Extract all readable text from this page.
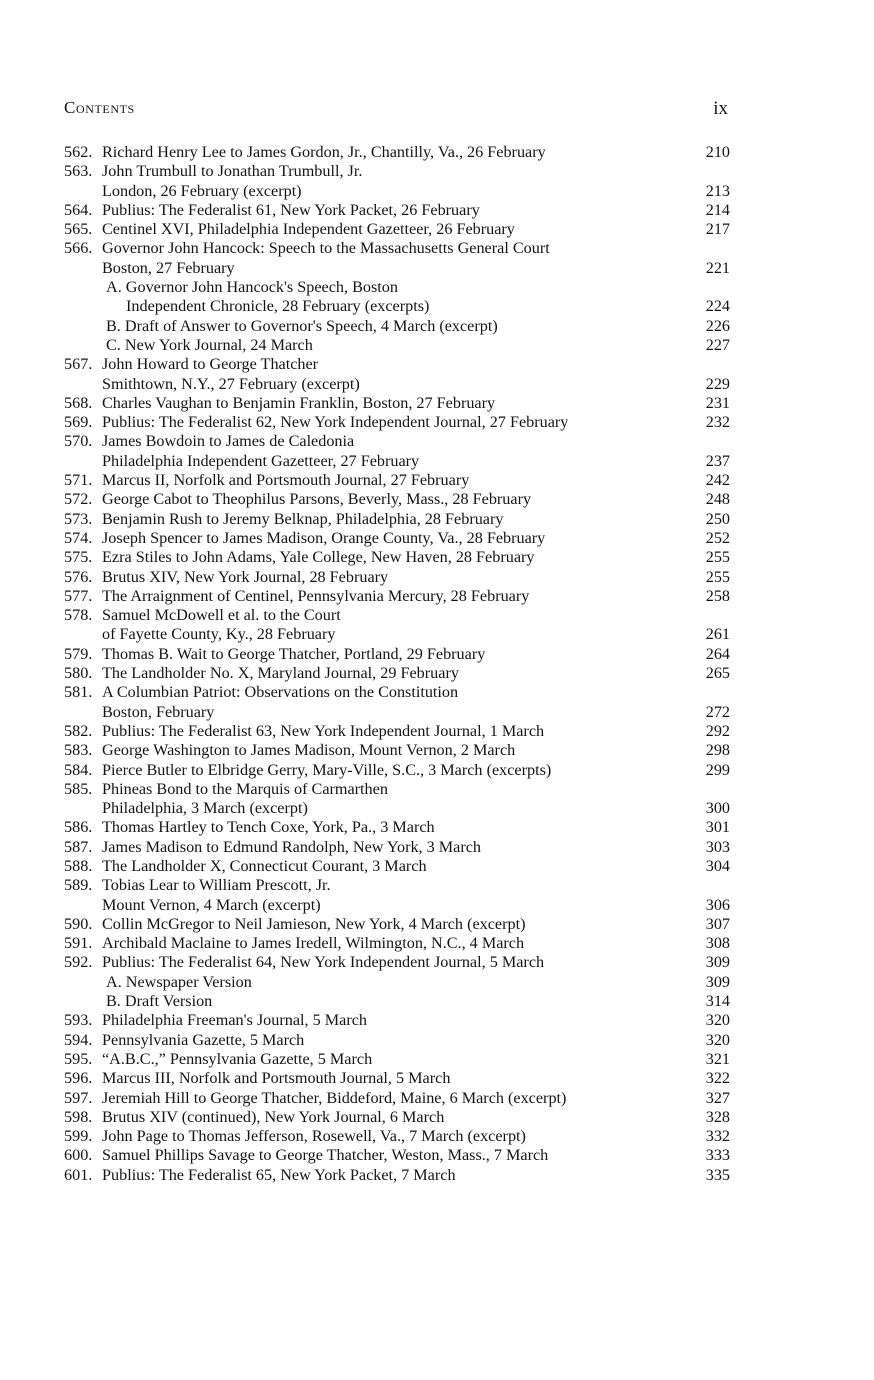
Contents	ix
562. Richard Henry Lee to James Gordon, Jr., Chantilly, Va., 26 February	210
563. John Trumbull to Jonathan Trumbull, Jr.
London, 26 February (excerpt)	213
564. Publius: The Federalist 61, New York Packet, 26 February	214
565. Centinel XVI, Philadelphia Independent Gazetteer, 26 February	217
566. Governor John Hancock: Speech to the Massachusetts General Court
Boston, 27 February	221
A. Governor John Hancock's Speech, Boston
Independent Chronicle, 28 February (excerpts)	224
B. Draft of Answer to Governor's Speech, 4 March (excerpt)	226
C. New York Journal, 24 March	227
567. John Howard to George Thatcher
Smithtown, N.Y., 27 February (excerpt)	229
568. Charles Vaughan to Benjamin Franklin, Boston, 27 February	231
569. Publius: The Federalist 62, New York Independent Journal, 27 February	232
570. James Bowdoin to James de Caledonia
Philadelphia Independent Gazetteer, 27 February	237
571. Marcus II, Norfolk and Portsmouth Journal, 27 February	242
572. George Cabot to Theophilus Parsons, Beverly, Mass., 28 February	248
573. Benjamin Rush to Jeremy Belknap, Philadelphia, 28 February	250
574. Joseph Spencer to James Madison, Orange County, Va., 28 February	252
575. Ezra Stiles to John Adams, Yale College, New Haven, 28 February	255
576. Brutus XIV, New York Journal, 28 February	255
577. The Arraignment of Centinel, Pennsylvania Mercury, 28 February	258
578. Samuel McDowell et al. to the Court
of Fayette County, Ky., 28 February	261
579. Thomas B. Wait to George Thatcher, Portland, 29 February	264
580. The Landholder No. X, Maryland Journal, 29 February	265
581. A Columbian Patriot: Observations on the Constitution
Boston, February	272
582. Publius: The Federalist 63, New York Independent Journal, 1 March	292
583. George Washington to James Madison, Mount Vernon, 2 March	298
584. Pierce Butler to Elbridge Gerry, Mary-Ville, S.C., 3 March (excerpts)	299
585. Phineas Bond to the Marquis of Carmarthen
Philadelphia, 3 March (excerpt)	300
586. Thomas Hartley to Tench Coxe, York, Pa., 3 March	301
587. James Madison to Edmund Randolph, New York, 3 March	303
588. The Landholder X, Connecticut Courant, 3 March	304
589. Tobias Lear to William Prescott, Jr.
Mount Vernon, 4 March (excerpt)	306
590. Collin McGregor to Neil Jamieson, New York, 4 March (excerpt)	307
591. Archibald Maclaine to James Iredell, Wilmington, N.C., 4 March	308
592. Publius: The Federalist 64, New York Independent Journal, 5 March	309
A. Newspaper Version	309
B. Draft Version	314
593. Philadelphia Freeman's Journal, 5 March	320
594. Pennsylvania Gazette, 5 March	320
595. “A.B.C.,” Pennsylvania Gazette, 5 March	321
596. Marcus III, Norfolk and Portsmouth Journal, 5 March	322
597. Jeremiah Hill to George Thatcher, Biddeford, Maine, 6 March (excerpt)	327
598. Brutus XIV (continued), New York Journal, 6 March	328
599. John Page to Thomas Jefferson, Rosewell, Va., 7 March (excerpt)	332
600. Samuel Phillips Savage to George Thatcher, Weston, Mass., 7 March	333
601. Publius: The Federalist 65, New York Packet, 7 March	335
